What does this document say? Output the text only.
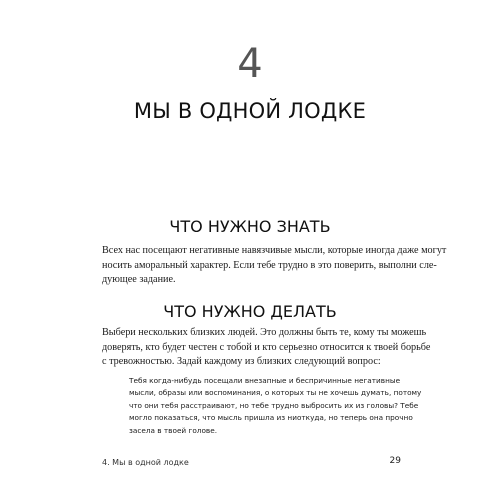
4
МЫ В ОДНОЙ ЛОДКЕ
ЧТО НУЖНО ЗНАТЬ

Всех нас посещают негативные навязчивые мысли, которые иногда даже могут
носить аморальный характер. Если тебе трудно в это поверить, выполни сле-
дующее задание.

ЧТО НУЖНО ДЕЛАТЬ

Выбери нескольких близких людей. Это должны быть те, кому ты можешь
доверять, кто будет честен с тобой и кто серьезно относится к твоей борьбе
с тревожностью. Задай каждому из близких следующий вопрос:

Тебя когда-нибудь посещали внезапные и беспричинные негативные
мысли, образы или воспоминания, о которых ты не хочешь думать, потому
что они тебя расстраивают, но тебе трудно выбросить их из головы? Тебе
могло показаться, что мысль пришла из ниоткуда, но теперь она прочно
засела в твоей голове.
4. Мы в одной лодке	29
